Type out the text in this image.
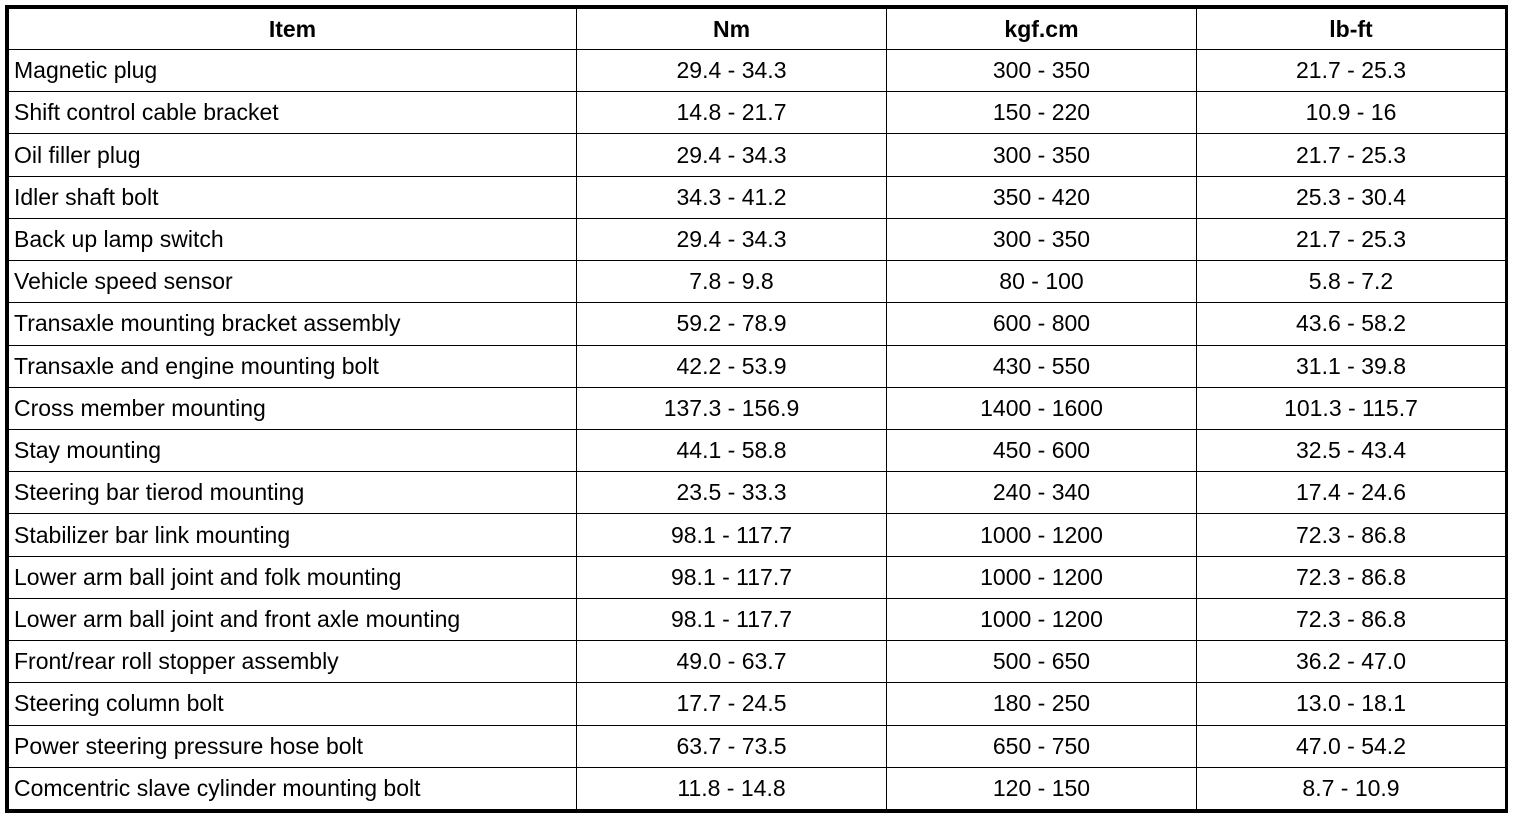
Item	Nm	kgf.cm	lb-ft
Magnetic plug	29.4 - 34.3	300 - 350	21.7 - 25.3
Shift control cable bracket	14.8 - 21.7	150 - 220	10.9 - 16
Oil filler plug	29.4 - 34.3	300 - 350	21.7 - 25.3
Idler shaft bolt	34.3 - 41.2	350 - 420	25.3 - 30.4
Back up lamp switch	29.4 - 34.3	300 - 350	21.7 - 25.3
Vehicle speed sensor	7.8 - 9.8	80 - 100	5.8 - 7.2
Transaxle mounting bracket assembly	59.2 - 78.9	600 - 800	43.6 - 58.2
Transaxle and engine mounting bolt	42.2 - 53.9	430 - 550	31.1 - 39.8
Cross member mounting	137.3 - 156.9	1400 - 1600	101.3 - 115.7
Stay mounting	44.1 - 58.8	450 - 600	32.5 - 43.4
Steering bar tierod mounting	23.5 - 33.3	240 - 340	17.4 - 24.6
Stabilizer bar link mounting	98.1 - 117.7	1000 - 1200	72.3 - 86.8
Lower arm ball joint and folk mounting	98.1 - 117.7	1000 - 1200	72.3 - 86.8
Lower arm ball joint and front axle mounting	98.1 - 117.7	1000 - 1200	72.3 - 86.8
Front/rear roll stopper assembly	49.0 - 63.7	500 - 650	36.2 - 47.0
Steering column bolt	17.7 - 24.5	180 - 250	13.0 - 18.1
Power steering pressure hose bolt	63.7 - 73.5	650 - 750	47.0 - 54.2
Comcentric slave cylinder mounting bolt	11.8 - 14.8	120 - 150	8.7 - 10.9
